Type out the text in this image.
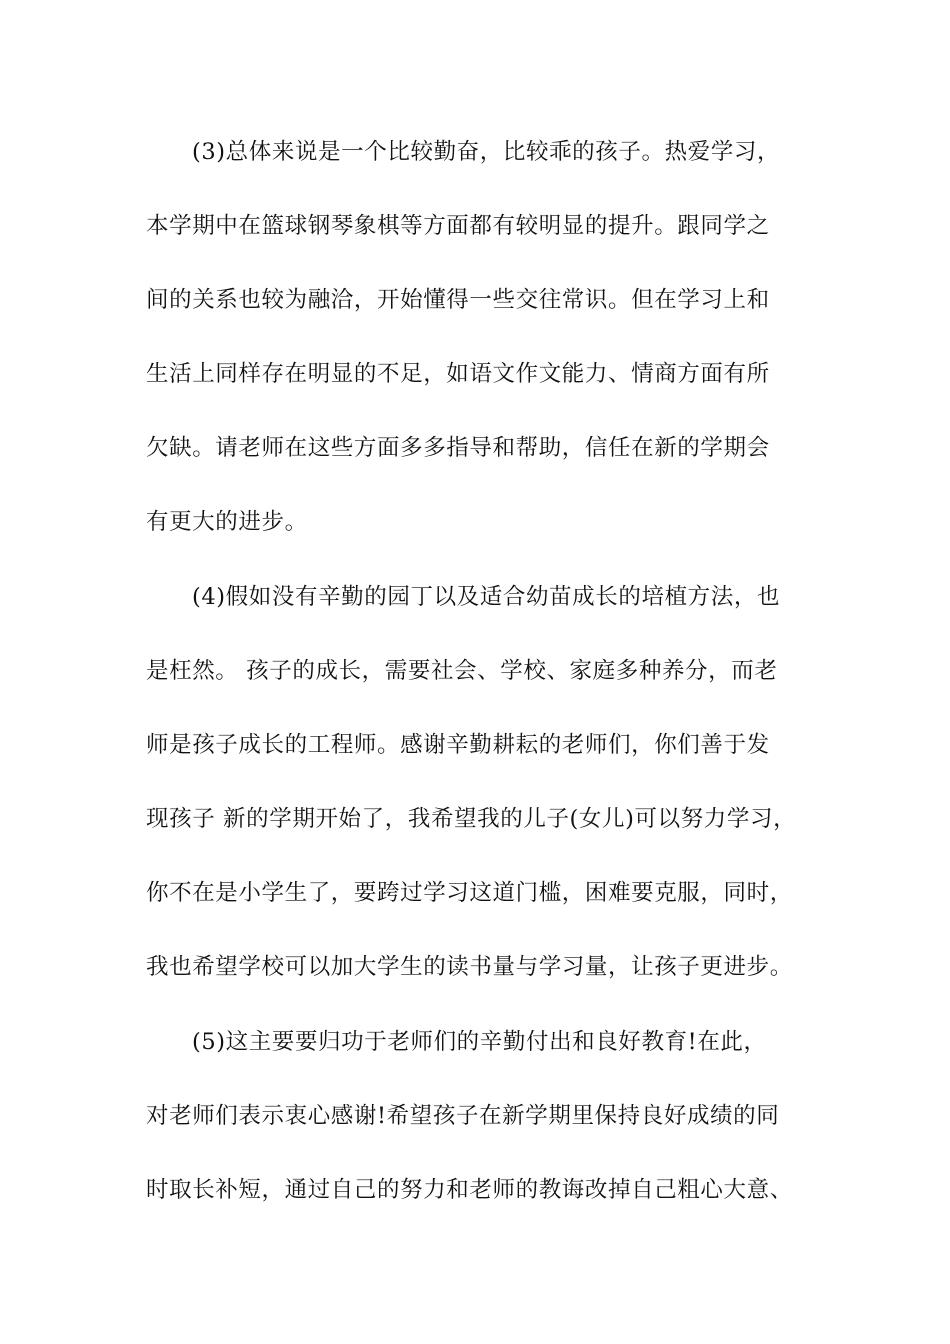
(3)总体来说是一个比较勤奋，比较乖的孩子。热爱学习，
本学期中在篮球钢琴象棋等方面都有较明显的提升。跟同学之
间的关系也较为融洽，开始懂得一些交往常识。但在学习上和
生活上同样存在明显的不足，如语文作文能力、情商方面有所
欠缺。请老师在这些方面多多指导和帮助，信任在新的学期会
有更大的进步。
(4)假如没有辛勤的园丁以及适合幼苗成长的培植方法，也
是枉然。 孩子的成长，需要社会、学校、家庭多种养分，而老
师是孩子成长的工程师。感谢辛勤耕耘的老师们，你们善于发
现孩子 新的学期开始了，我希望我的儿子(女儿)可以努力学习，
你不在是小学生了，要跨过学习这道门槛，困难要克服，同时，
我也希望学校可以加大学生的读书量与学习量，让孩子更进步。
(5)这主要要归功于老师们的辛勤付出和良好教育!在此，
对老师们表示衷心感谢!希望孩子在新学期里保持良好成绩的同
时取长补短，通过自己的努力和老师的教诲改掉自己粗心大意、
